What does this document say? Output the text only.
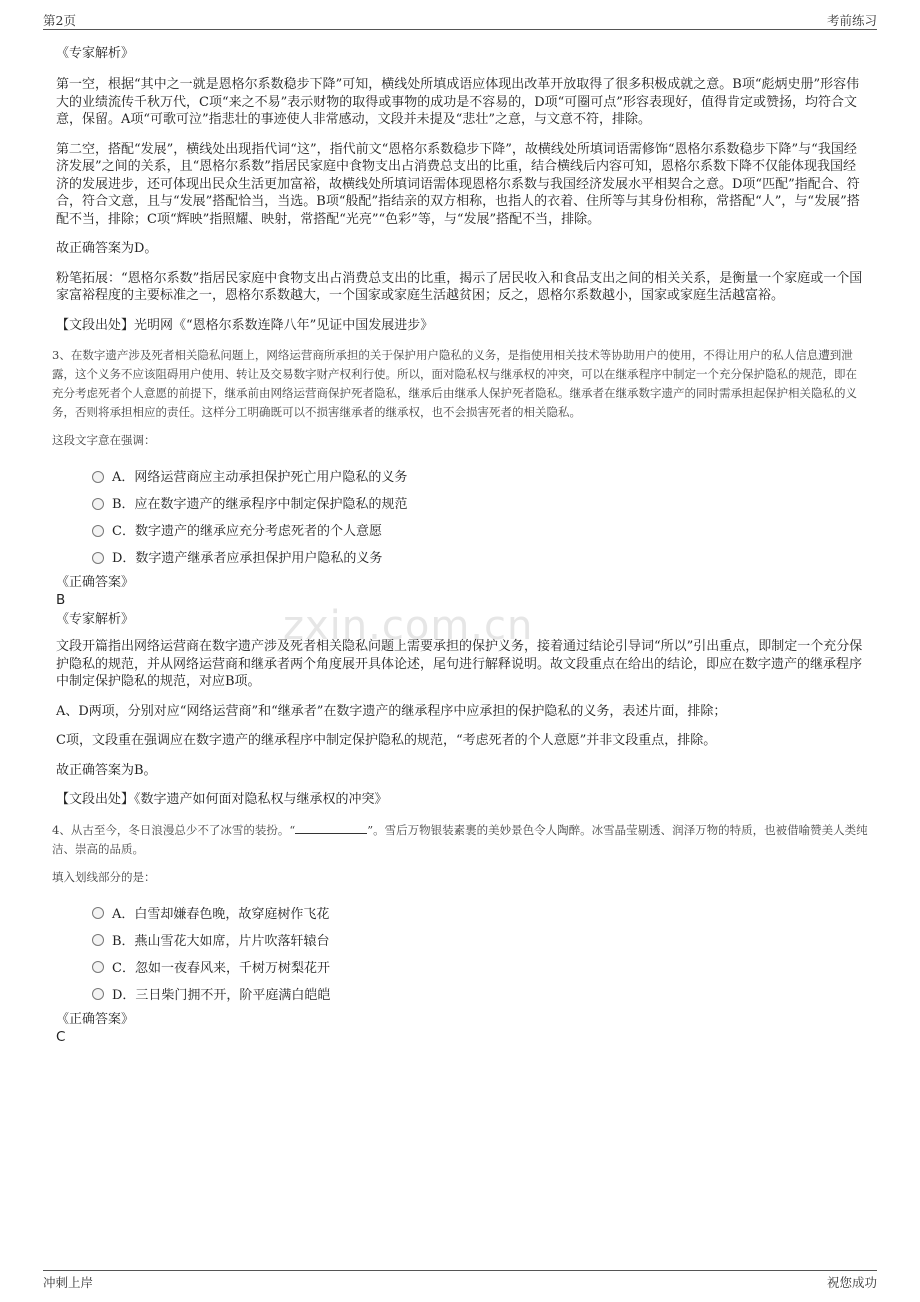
第2页	考前练习
zxin.com.cn

《专家解析》

第一空，根据“其中之一就是恩格尔系数稳步下降”可知，横线处所填成语应体现出改革开放取得了很多积极成就之意。B项“彪炳史册”形容伟大的业绩流传千秋万代，C项“来之不易”表示财物的取得或事物的成功是不容易的，D项“可圈可点”形容表现好，值得肯定或赞扬，均符合文意，保留。A项“可歌可泣”指悲壮的事迹使人非常感动，文段并未提及“悲壮”之意，与文意不符，排除。

第二空，搭配“发展”，横线处出现指代词“这”，指代前文“恩格尔系数稳步下降”，故横线处所填词语需修饰“恩格尔系数稳步下降”与“我国经济发展”之间的关系，且“恩格尔系数”指居民家庭中食物支出占消费总支出的比重，结合横线后内容可知，恩格尔系数下降不仅能体现我国经济的发展进步，还可体现出民众生活更加富裕，故横线处所填词语需体现恩格尔系数与我国经济发展水平相契合之意。D项“匹配”指配合、符合，符合文意，且与“发展”搭配恰当，当选。B项“般配”指结亲的双方相称，也指人的衣着、住所等与其身份相称，常搭配“人”，与“发展”搭配不当，排除；C项“辉映”指照耀、映射，常搭配“光亮”“色彩”等，与“发展”搭配不当，排除。

故正确答案为D。

粉笔拓展：“恩格尔系数”指居民家庭中食物支出占消费总支出的比重，揭示了居民收入和食品支出之间的相关关系，是衡量一个家庭或一个国家富裕程度的主要标准之一，恩格尔系数越大，一个国家或家庭生活越贫困；反之，恩格尔系数越小，国家或家庭生活越富裕。

【文段出处】光明网《“恩格尔系数连降八年”见证中国发展进步》

3、在数字遗产涉及死者相关隐私问题上，网络运营商所承担的关于保护用户隐私的义务，是指使用相关技术等协助用户的使用，不得让用户的私人信息遭到泄露，这个义务不应该阻碍用户使用、转让及交易数字财产权利行使。所以，面对隐私权与继承权的冲突，可以在继承程序中制定一个充分保护隐私的规范，即在充分考虑死者个人意愿的前提下，继承前由网络运营商保护死者隐私，继承后由继承人保护死者隐私。继承者在继承数字遗产的同时需承担起保护相关隐私的义务，否则将承担相应的责任。这样分工明确既可以不损害继承者的继承权，也不会损害死者的相关隐私。

这段文字意在强调：

A．网络运营商应主动承担保护死亡用户隐私的义务
B．应在数字遗产的继承程序中制定保护隐私的规范
C．数字遗产的继承应充分考虑死者的个人意愿
D．数字遗产继承者应承担保护用户隐私的义务

《正确答案》

B

《专家解析》

文段开篇指出网络运营商在数字遗产涉及死者相关隐私问题上需要承担的保护义务，接着通过结论引导词“所以”引出重点，即制定一个充分保护隐私的规范，并从网络运营商和继承者两个角度展开具体论述，尾句进行解释说明。故文段重点在给出的结论，即应在数字遗产的继承程序中制定保护隐私的规范，对应B项。

A、D两项，分别对应“网络运营商”和“继承者”在数字遗产的继承程序中应承担的保护隐私的义务，表述片面，排除；

C项，文段重在强调应在数字遗产的继承程序中制定保护隐私的规范，“考虑死者的个人意愿”并非文段重点，排除。

故正确答案为B。

【文段出处】《数字遗产如何面对隐私权与继承权的冲突》

4、从古至今，冬日浪漫总少不了冰雪的装扮。“	”。雪后万物银装素裹的美妙景色令人陶醉。冰雪晶莹剔透、润泽万物的特质，也被借喻赞美人类纯洁、崇高的品质。

填入划线部分的是：

A．白雪却嫌春色晚，故穿庭树作飞花
B．燕山雪花大如席，片片吹落轩辕台
C．忽如一夜春风来，千树万树梨花开
D．三日柴门拥不开，阶平庭满白皑皑

《正确答案》

C

冲刺上岸	祝您成功
